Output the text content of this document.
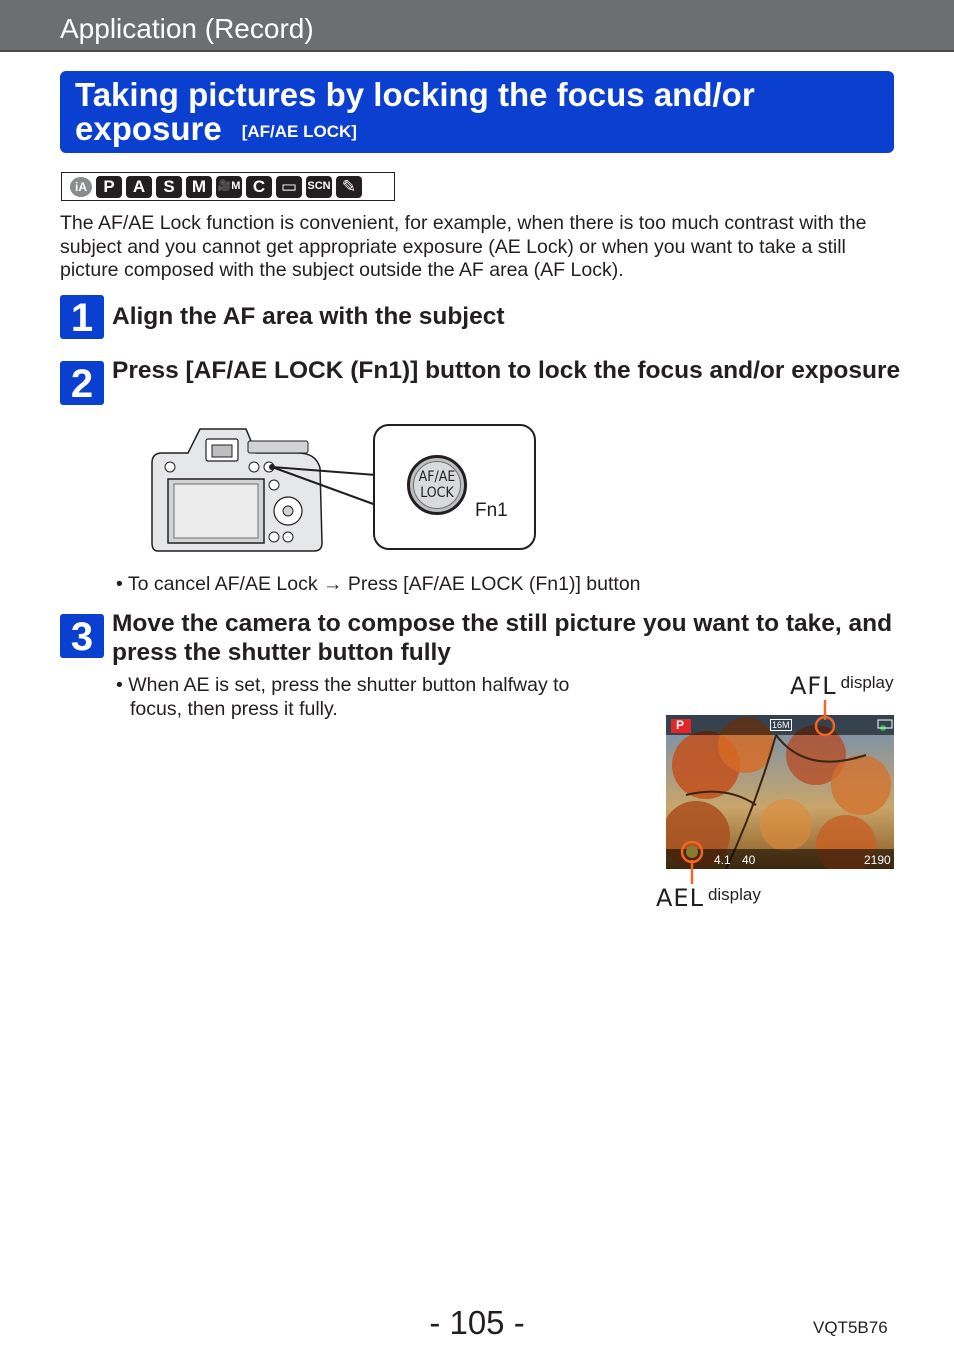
Application (Record)
Taking pictures by locking the focus and/or
exposure [AF/AE LOCK]
iA P	A	S	M	🎥M C ▭ SCN ✎

The AF/AE Lock function is convenient, for example, when there is too much contrast with the subject and you cannot get appropriate exposure (AE Lock) or when you want to take a still picture composed with the subject outside the AF area (AF Lock).

1 Align the AF area with the subject
2 Press [AF/AE LOCK (Fn1)] button to lock the focus and/or exposure
AF/AE
LOCK
Fn1
• To cancel AF/AE Lock → Press [AF/AE LOCK (Fn1)] button
3 Move the camera to compose the still picture you want to take, and press the shutter button fully
• When AE is set, press the shutter button halfway to
focus, then press it fully.
AFL display
P	16M
4.1 40	2190
AEL display
- 105 -	VQT5B76
